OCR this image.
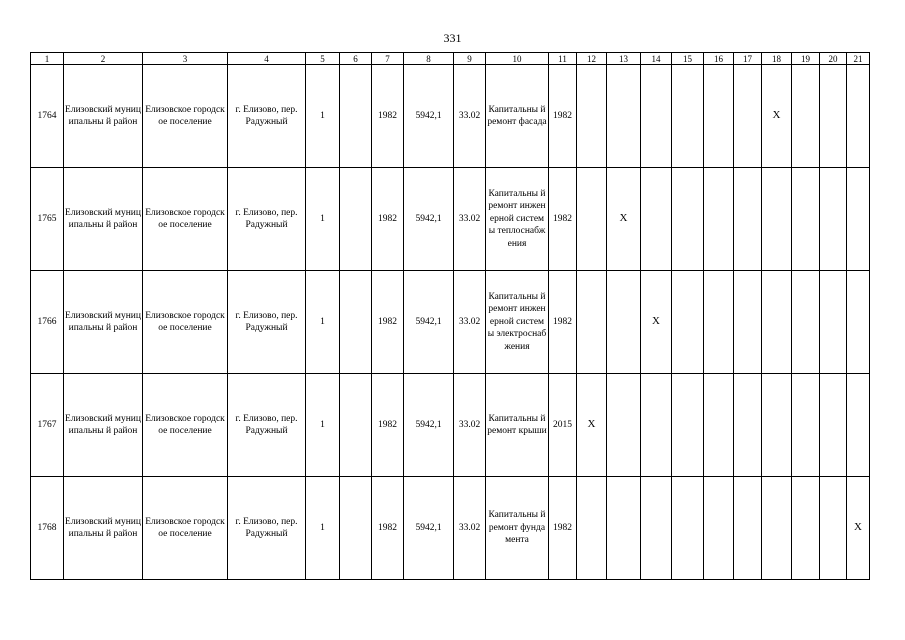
331
1	2	3	4	5	6	7	8	9	10	11	12	13	14	15	16	17	18	19	20	21

1764	Елизовский муниципальны й район	Елизовское городское поселение	г. Елизово, пер. Радужный	1		1982	5942,1	33.02	Капитальны й ремонт фасада	1982							X			

1765	Елизовский муниципальны й район	Елизовское городское поселение	г. Елизово, пер. Радужный	1		1982	5942,1	33.02	Капитальны й ремонт инженерной системы теплоснабж ения	1982		X								

1766	Елизовский муниципальны й район	Елизовское городское поселение	г. Елизово, пер. Радужный	1		1982	5942,1	33.02	Капитальны й ремонт инженерной системы электроснаб жения	1982			X							

1767	Елизовский муниципальны й район	Елизовское городское поселение	г. Елизово, пер. Радужный	1		1982	5942,1	33.02	Капитальны й ремонт крыши	2015	X									

1768	Елизовский муниципальны й район	Елизовское городское поселение	г. Елизово, пер. Радужный	1		1982	5942,1	33.02	Капитальны й ремонт фундамента	1982										X
